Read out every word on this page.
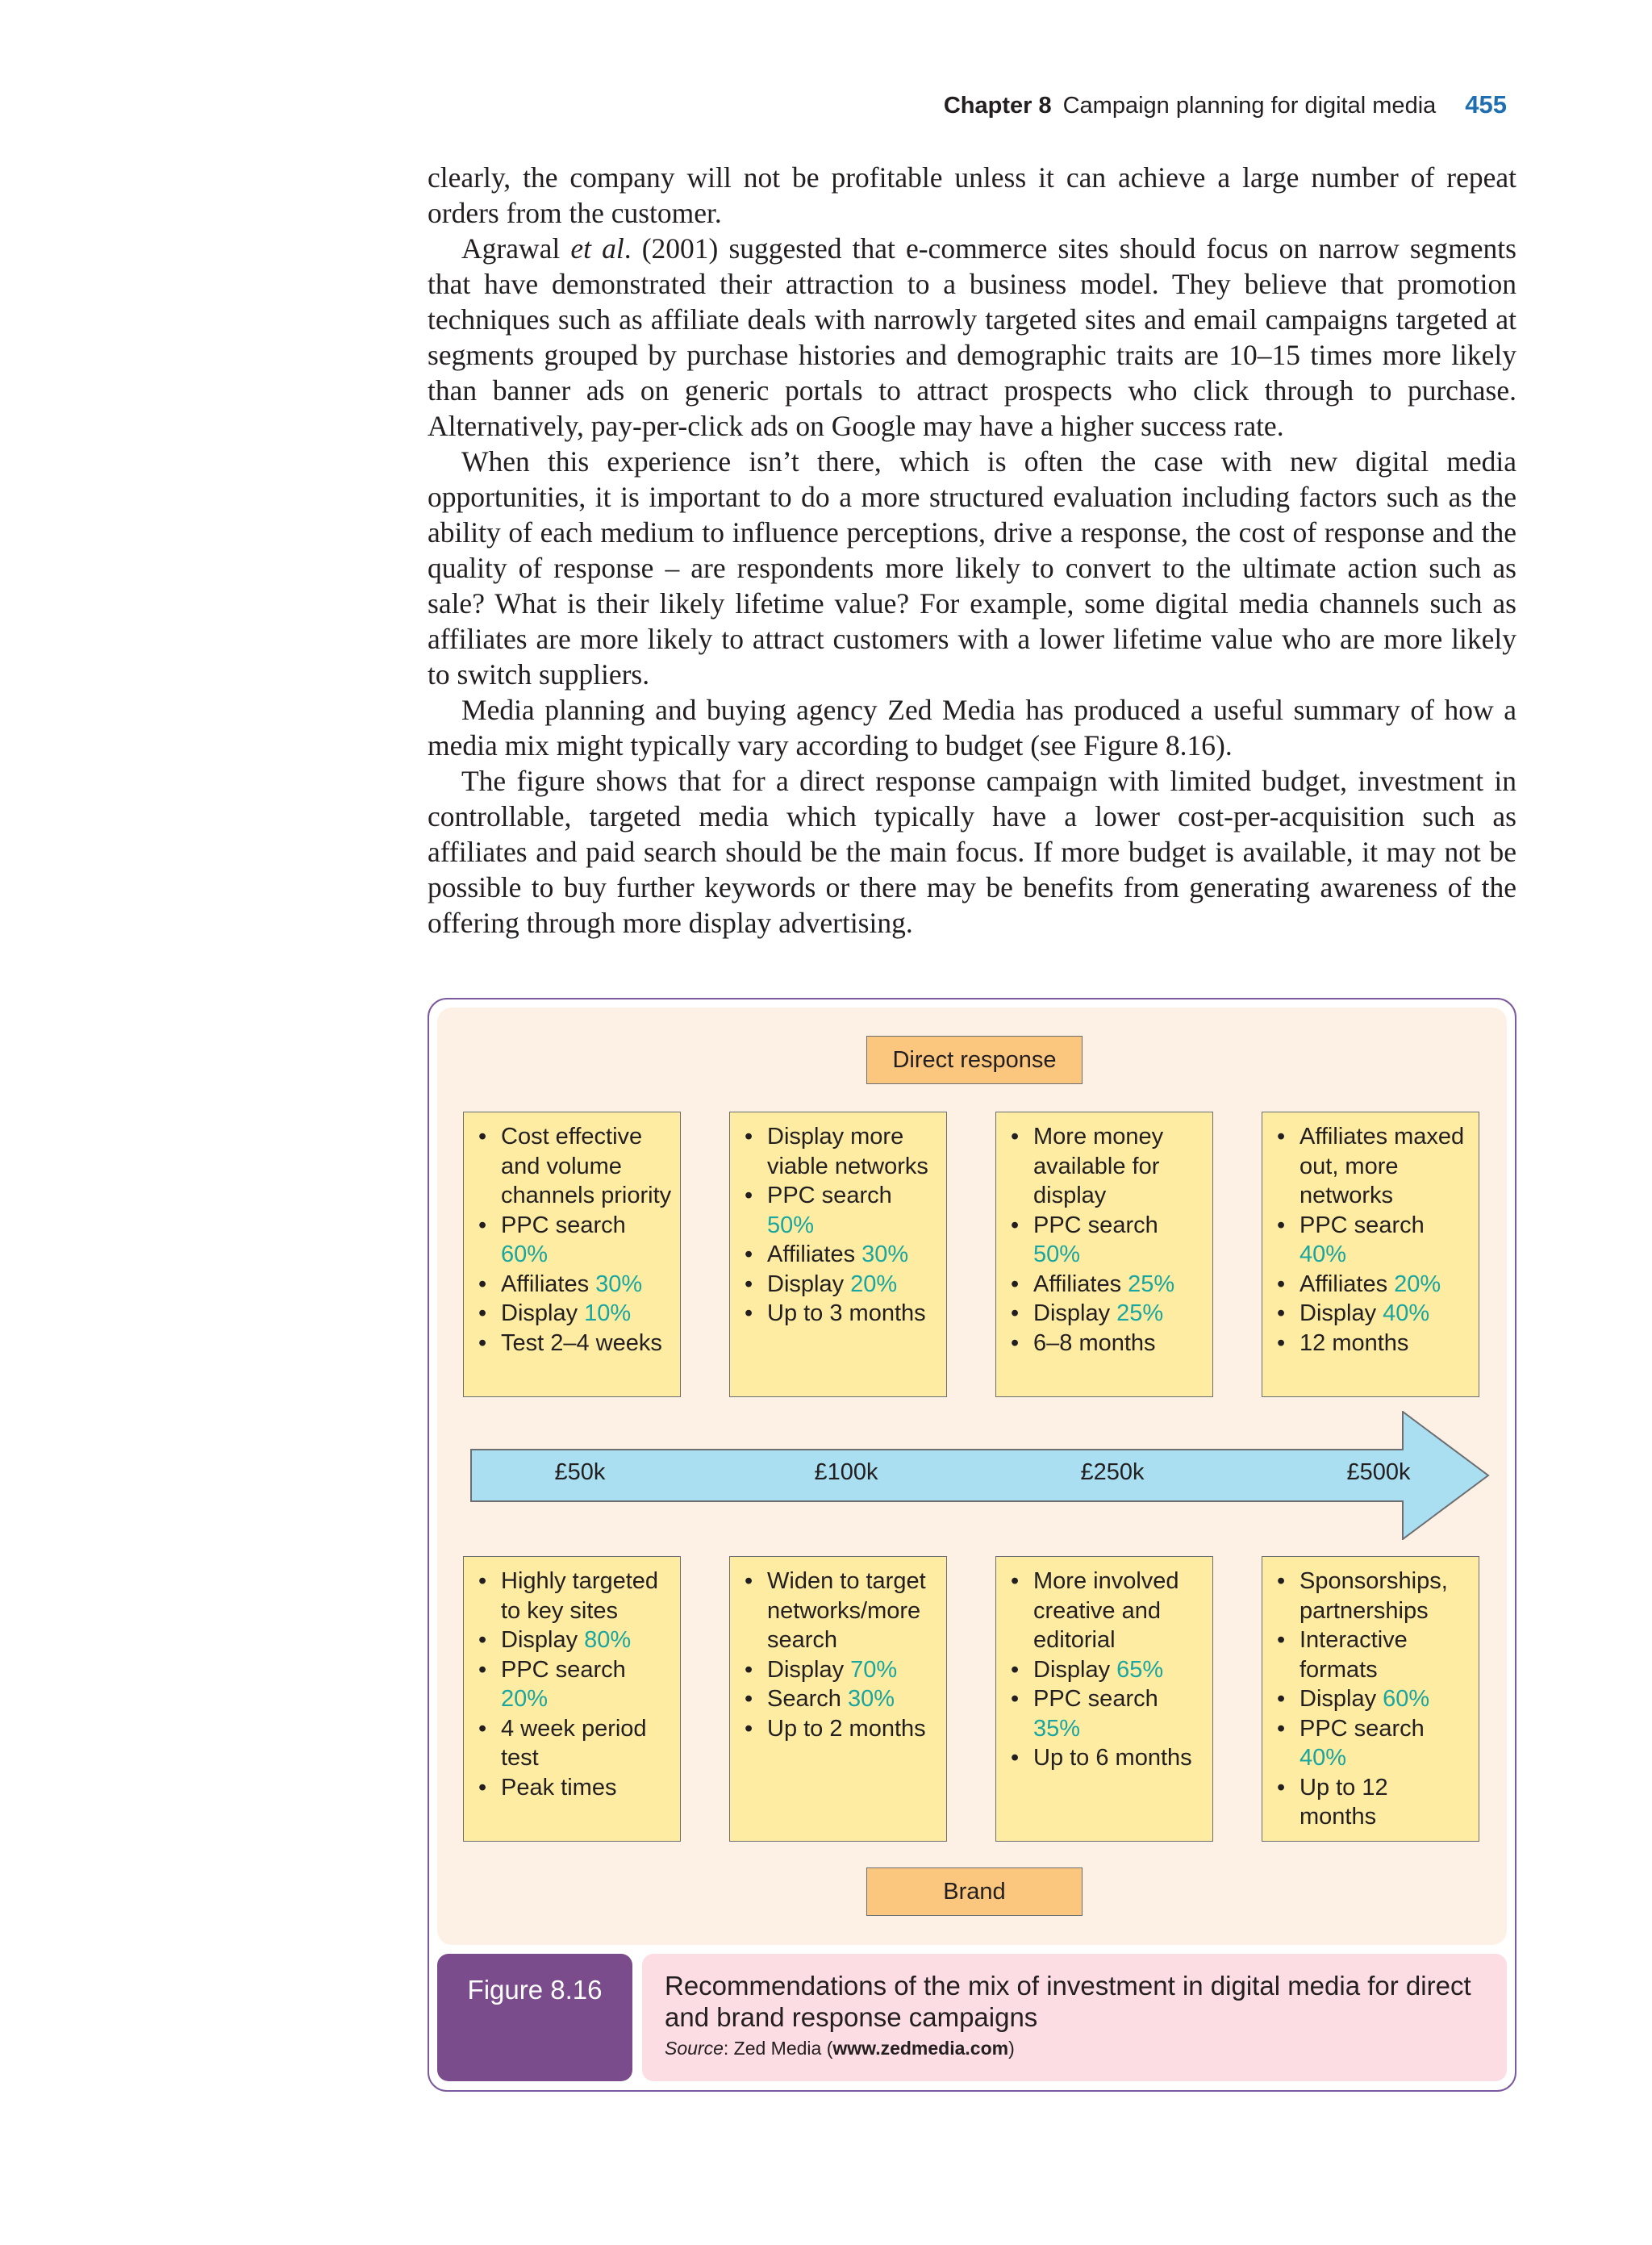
Chapter 8 Campaign planning for digital media 455

clearly, the company will not be profitable unless it can achieve a large number of repeat orders from the customer.

Agrawal et al. (2001) suggested that e-commerce sites should focus on narrow segments that have demonstrated their attraction to a business model. They believe that promotion techniques such as affiliate deals with narrowly targeted sites and email campaigns targeted at segments grouped by purchase histories and demographic traits are 10–15 times more likely than banner ads on generic portals to attract prospects who click through to purchase. Alternatively, pay-per-click ads on Google may have a higher success rate.

When this experience isn’t there, which is often the case with new digital media opportunities, it is important to do a more structured evaluation including factors such as the ability of each medium to influence perceptions, drive a response, the cost of response and the quality of response – are respondents more likely to convert to the ultimate action such as sale? What is their likely lifetime value? For example, some digital media channels such as affiliates are more likely to attract customers with a lower lifetime value who are more likely to switch suppliers.

Media planning and buying agency Zed Media has produced a useful summary of how a media mix might typically vary according to budget (see Figure 8.16).

The figure shows that for a direct response campaign with limited budget, investment in controllable, targeted media which typically have a lower cost-per-acquisition such as affiliates and paid search should be the main focus. If more budget is available, it may not be possible to buy further keywords or there may be benefits from generating awareness of the offering through more display advertising.

Direct response
• Cost effective and volume channels priority
• PPC search 60%
• Affiliates 30%
• Display 10%
• Test 2–4 weeks
• Display more viable networks
• PPC search 50%
• Affiliates 30%
• Display 20%
• Up to 3 months
• More money available for display
• PPC search 50%
• Affiliates 25%
• Display 25%
• 6–8 months
• Affiliates maxed out, more networks
• PPC search 40%
• Affiliates 20%
• Display 40%
• 12 months
£50k	£100k	£250k	£500k
• Highly targeted to key sites
• Display 80%
• PPC search 20%
• 4 week period test
• Peak times
• Widen to target networks/more search
• Display 70%
• Search 30%
• Up to 2 months
• More involved creative and editorial
• Display 65%
• PPC search 35%
• Up to 6 months
• Sponsorships, partnerships
• Interactive formats
• Display 60%
• PPC search 40%
• Up to 12 months
Brand
Figure 8.16	Recommendations of the mix of investment in digital media for direct and brand response campaigns
Source: Zed Media (www.zedmedia.com)
